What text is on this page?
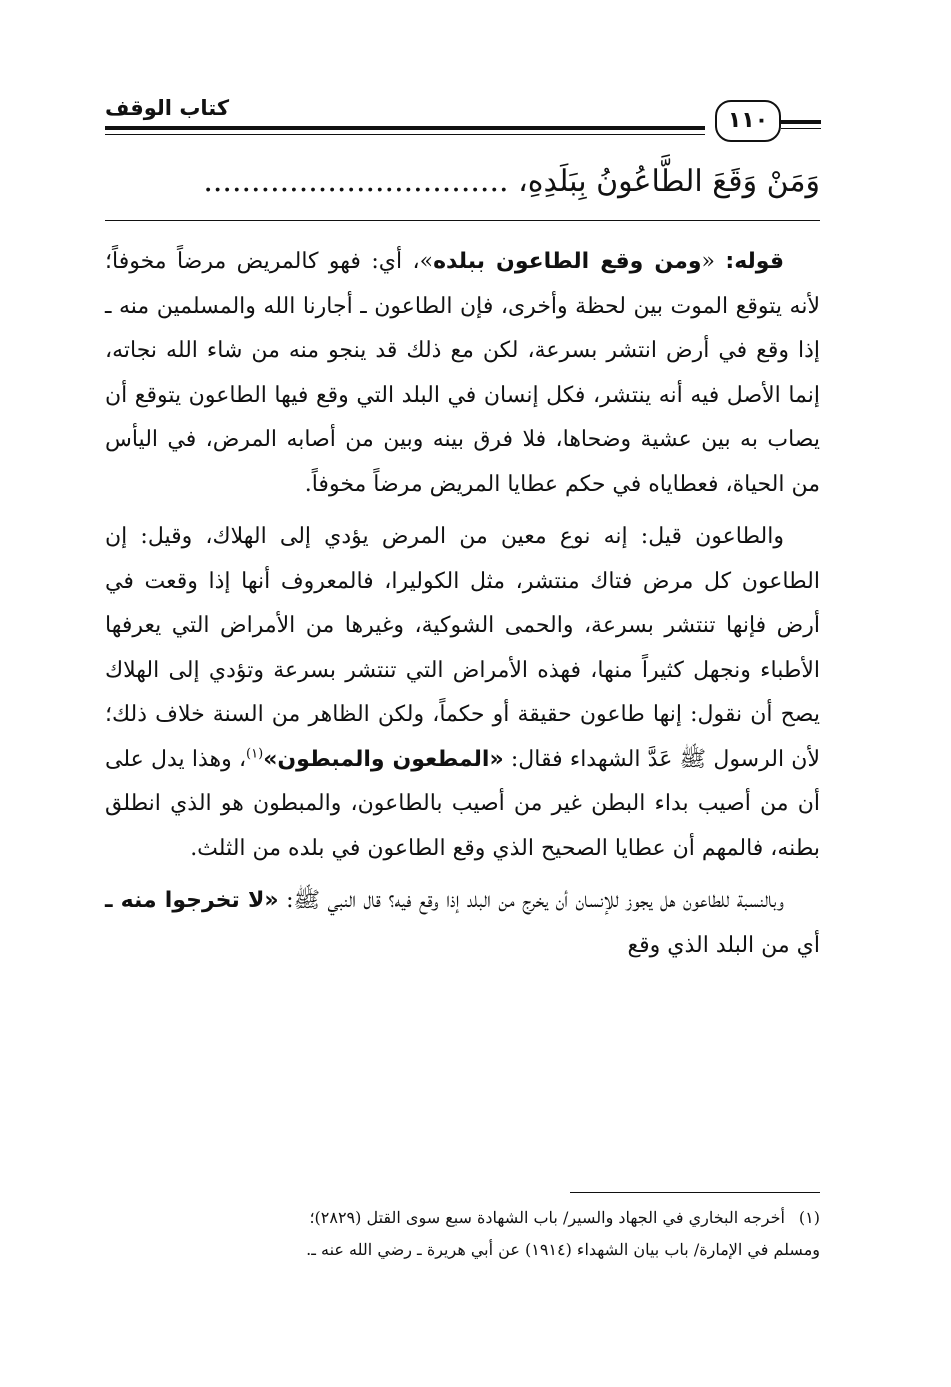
كتاب الوقف	١١٠
وَمَنْ وَقَعَ الطَّاعُونُ بِبَلَدِهِ، ................................

قوله: «ومن وقع الطاعون ببلده»، أي: فهو كالمريض مرضاً مخوفاً؛ لأنه يتوقع الموت بين لحظة وأخرى، فإن الطاعون ـ أجارنا الله والمسلمين منه ـ إذا وقع في أرض انتشر بسرعة، لكن مع ذلك قد ينجو منه من شاء الله نجاته، إنما الأصل فيه أنه ينتشر، فكل إنسان في البلد التي وقع فيها الطاعون يتوقع أن يصاب به بين عشية وضحاها، فلا فرق بينه وبين من أصابه المرض، في اليأس من الحياة، فعطاياه في حكم عطايا المريض مرضاً مخوفاً.

والطاعون قيل: إنه نوع معين من المرض يؤدي إلى الهلاك، وقيل: إن الطاعون كل مرض فتاك منتشر، مثل الكوليرا، فالمعروف أنها إذا وقعت في أرض فإنها تنتشر بسرعة، والحمى الشوكية، وغيرها من الأمراض التي يعرفها الأطباء ونجهل كثيراً منها، فهذه الأمراض التي تنتشر بسرعة وتؤدي إلى الهلاك يصح أن نقول: إنها طاعون حقيقة أو حكماً، ولكن الظاهر من السنة خلاف ذلك؛ لأن الرسول ﷺ عَدَّ الشهداء فقال: «المطعون والمبطون»$^{(١)}$، وهذا يدل على أن من أصيب بداء البطن غير من أصيب بالطاعون، والمبطون هو الذي انطلق بطنه، فالمهم أن عطايا الصحيح الذي وقع الطاعون في بلده من الثلث.

وبالنسبة للطاعون هل يجوز للإنسان أن يخرج من البلد إذا وقع فيه؟ قال النبي ﷺ: «لا تخرجوا منه ـ أي من البلد الذي وقع

(١)أخرجه البخاري في الجهاد والسير/ باب الشهادة سبع سوى القتل (٢٨٢٩)؛

ومسلم في الإمارة/ باب بيان الشهداء (١٩١٤) عن أبي هريرة ـ رضي الله عنه ـ.
